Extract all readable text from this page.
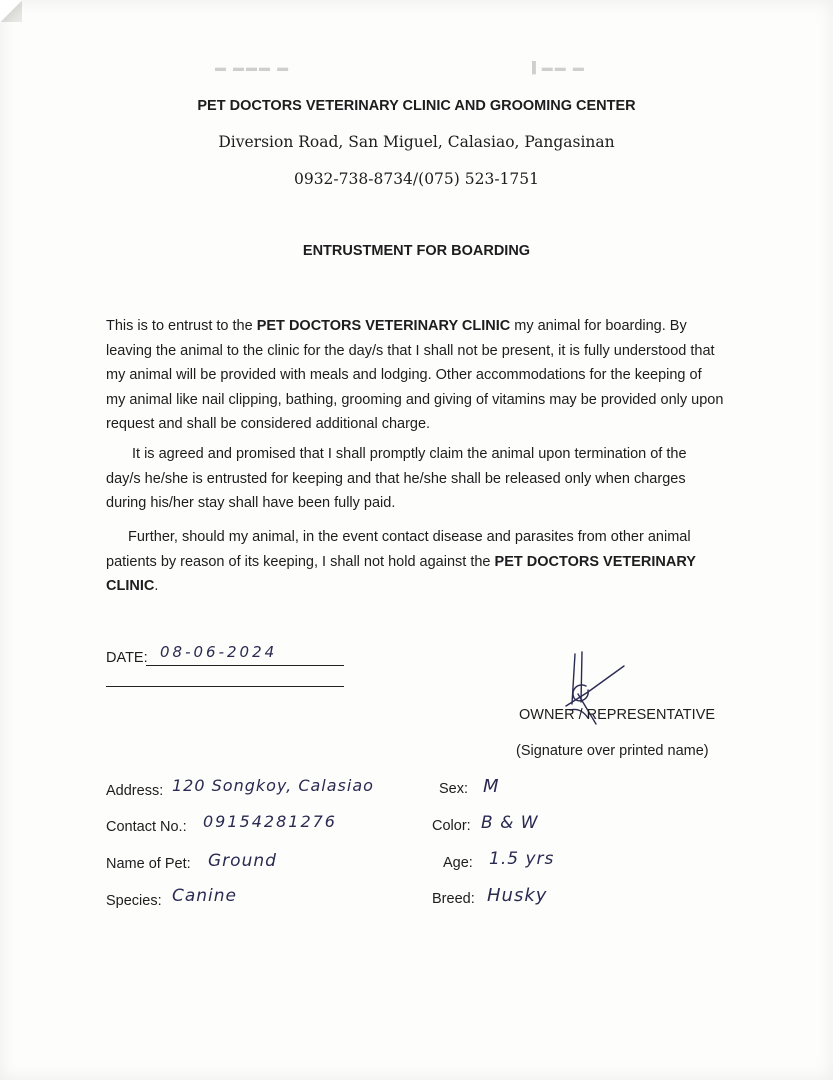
▬ ▬▬▬ ▬	▌▬▬ ▬
PET DOCTORS VETERINARY CLINIC AND GROOMING CENTER
Diversion Road, San Miguel, Calasiao, Pangasinan
0932-738-8734/(075) 523-1751
ENTRUSTMENT FOR BOARDING

This is to entrust to the PET DOCTORS VETERINARY CLINIC my animal for boarding. By leaving the animal to the clinic for the day/s that I shall not be present, it is fully understood that my animal will be provided with meals and lodging. Other accommodations for the keeping of my animal like nail clipping, bathing, grooming and giving of vitamins may be provided only upon request and shall be considered additional charge.

It is agreed and promised that I shall promptly claim the animal upon termination of the day/s he/she is entrusted for keeping and that he/she shall be released only when charges during his/her stay shall have been fully paid.

Further, should my animal, in the event contact disease and parasites from other animal patients by reason of its keeping, I shall not hold against the PET DOCTORS VETERINARY CLINIC.

DATE: 08-06-2024
OWNER / REPRESENTATIVE
(Signature over printed name)
Address: 120 Songkoy, Calasiao
Contact No.: 09154281276
Name of Pet: Ground
Species: Canine
Sex: M
Color: B & W
Age: 1.5 yrs
Breed: Husky
